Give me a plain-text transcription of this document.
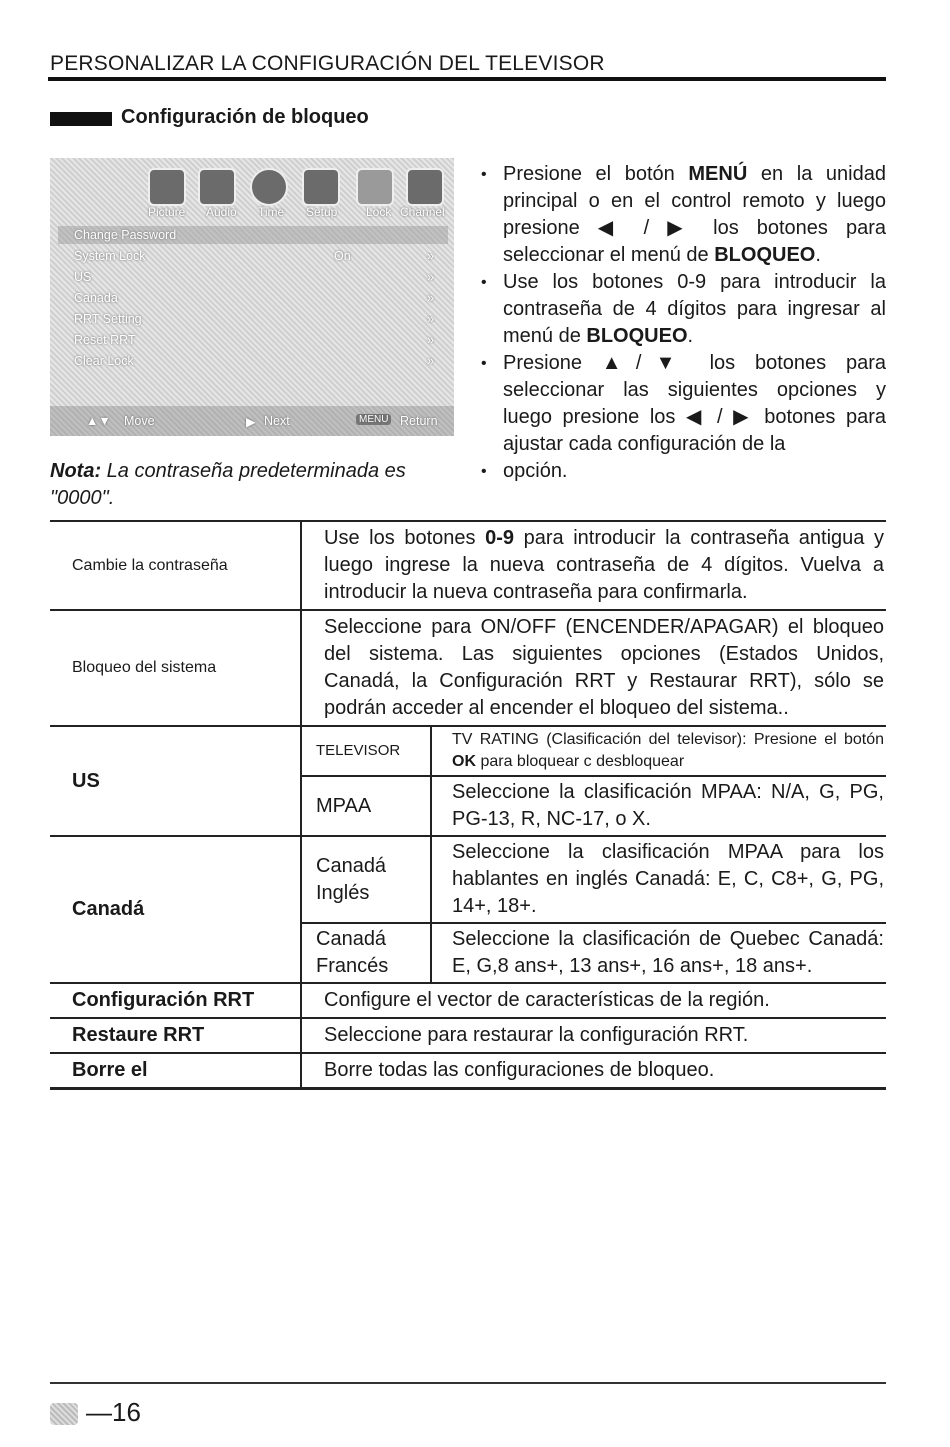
PERSONALIZAR LA CONFIGURACIÓN DEL TELEVISOR
Configuración de bloqueo
Picture Audio Time Setup Lock Channel
Change Password
System Lock	On	»
US	»
Canada	»
RRT Setting	»
Reset RRT	»
Clear Lock	»
▲▼ Move	▶ Next	MENU Return
• Presione el botón MENÚ en la unidad principal o en el control remoto y luego presione ◀ / ▶ los botones para seleccionar el menú de BLOQUEO.
• Use los botones 0-9 para introducir la contraseña de 4 dígitos para ingresar al menú de BLOQUEO.
• Presione ▲/▼ los botones para seleccionar las siguientes opciones y luego presione los ◀ / ▶ botones para ajustar cada configuración de la
• opción.
Nota: La contraseña predeterminada es "0000".
Cambie la contraseña	Use los botones 0-9 para introducir la contraseña antigua y luego ingrese la nueva contraseña de 4 dígitos. Vuelva a introducir la nueva contraseña para confirmarla.	
Bloqueo del sistema	Seleccione para ON/OFF (ENCENDER/APAGAR) el bloqueo del sistema. Las siguientes opciones (Estados Unidos, Canadá, la Configuración RRT y Restaurar RRT), sólo se podrán acceder al encender el bloqueo del sistema..	
US	TELEVISOR	TV RATING (Clasificación del televisor): Presione el botón OK para bloquear c desbloquear
	MPAA	Seleccione la clasificación MPAA: N/A, G, PG, PG-13, R, NC-17, o X.
Canadá	Canadá Inglés	Seleccione la clasificación MPAA para los hablantes en inglés Canadá: E, C, C8+, G, PG, 14+, 18+.
	Canadá Francés	Seleccione la clasificación de Quebec Canadá: E, G,8 ans+, 13 ans+, 16 ans+, 18 ans+.
Configuración RRT	Configure el vector de características de la región.	
Restaure RRT	Seleccione para restaurar la configuración RRT.	
Borre el	Borre todas las configuraciones de bloqueo.	
—16
